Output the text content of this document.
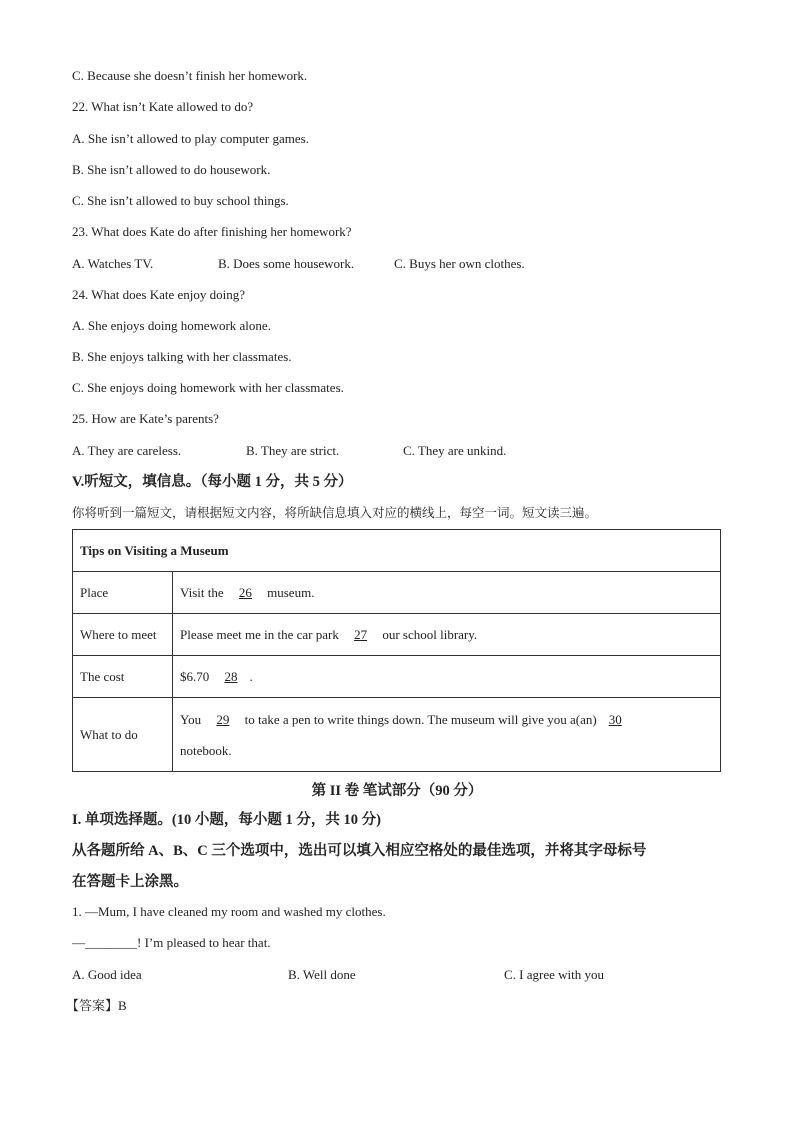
C. Because she doesn’t finish her homework.
22. What isn’t Kate allowed to do?
A. She isn’t allowed to play computer games.
B. She isn’t allowed to do housework.
C. She isn’t allowed to buy school things.
23. What does Kate do after finishing her homework?
A. Watches TV.	B. Does some housework.	C. Buys her own clothes.
24. What does Kate enjoy doing?
A. She enjoys doing homework alone.
B. She enjoys talking with her classmates.
C. She enjoys doing homework with her classmates.
25. How are Kate’s parents?
A. They are careless.	B. They are strict.	C. They are unkind.
V.听短文，填信息。（每小题 1 分，共 5 分）
你将听到一篇短文，请根据短文内容，将所缺信息填入对应的横线上，每空一词。短文读三遍。
Tips on Visiting a Museum	
Place	Visit the 26 museum.
Where to meet	Please meet me in the car park 27 our school library.
The cost	$6.70 28 .
What to do	You 29 to take a pen to write things down. The museum will give you a(an) 30
notebook.
第 II 卷 笔试部分（90 分）
I. 单项选择题。(10 小题，每小题 1 分，共 10 分)
从各题所给 A、B、C 三个选项中，选出可以填入相应空格处的最佳选项，并将其字母标号
在答题卡上涂黑。
1. —Mum, I have cleaned my room and washed my clothes.
—________! I’m pleased to hear that.
A. Good idea	B. Well done	C. I agree with you
【答案】B
